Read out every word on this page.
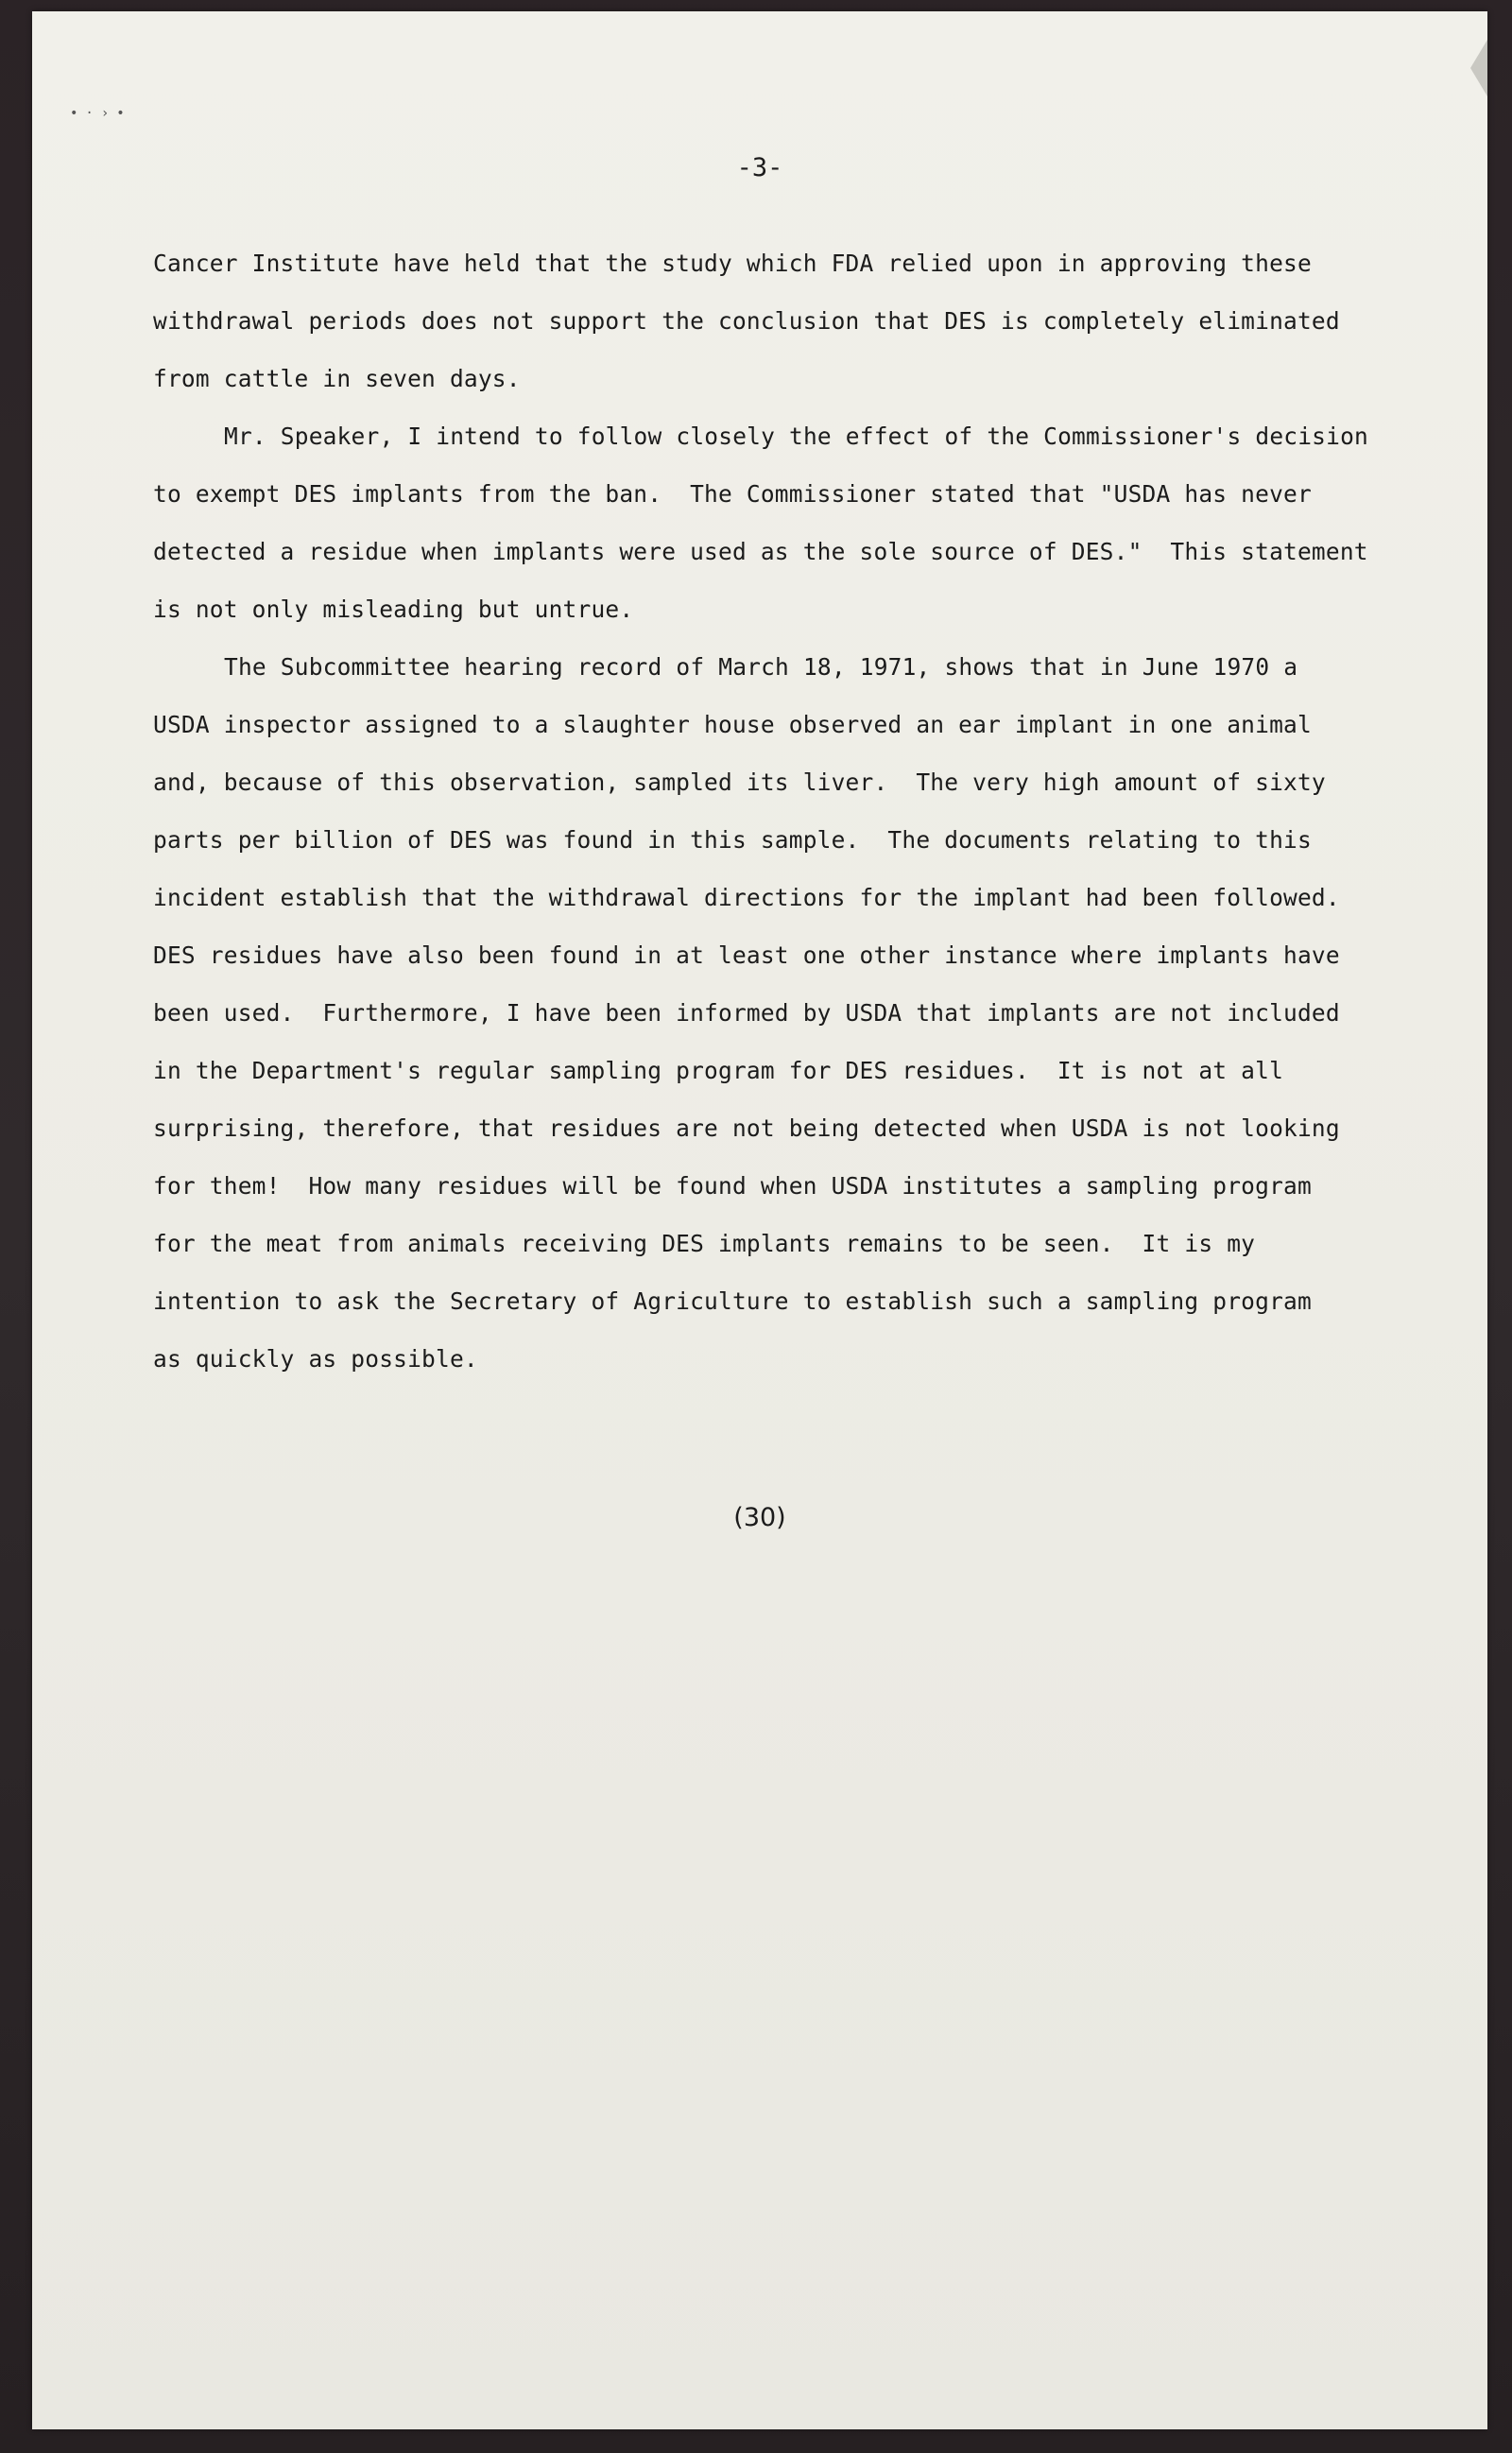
•·›•
-3-
Cancer Institute have held that the study which FDA relied upon in approving these
withdrawal periods does not support the conclusion that DES is completely eliminated
from cattle in seven days.
Mr. Speaker, I intend to follow closely the effect of the Commissioner's decision
to exempt DES implants from the ban.  The Commissioner stated that "USDA has never
detected a residue when implants were used as the sole source of DES."  This statement
is not only misleading but untrue.
The Subcommittee hearing record of March 18, 1971, shows that in June 1970 a
USDA inspector assigned to a slaughter house observed an ear implant in one animal
and, because of this observation, sampled its liver.  The very high amount of sixty
parts per billion of DES was found in this sample.  The documents relating to this
incident establish that the withdrawal directions for the implant had been followed.
DES residues have also been found in at least one other instance where implants have
been used.  Furthermore, I have been informed by USDA that implants are not included
in the Department's regular sampling program for DES residues.  It is not at all
surprising, therefore, that residues are not being detected when USDA is not looking
for them!  How many residues will be found when USDA institutes a sampling program
for the meat from animals receiving DES implants remains to be seen.  It is my
intention to ask the Secretary of Agriculture to establish such a sampling program
as quickly as possible.
(30)
